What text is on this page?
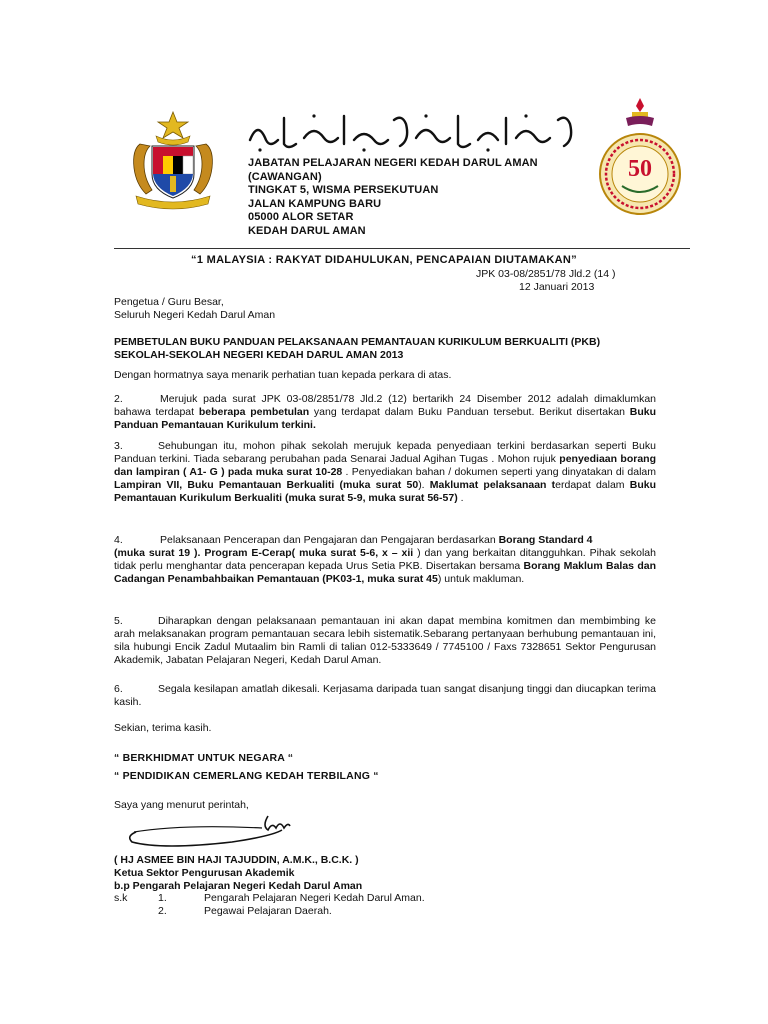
JABATAN PELAJARAN NEGERI KEDAH DARUL AMAN
(CAWANGAN)
TINGKAT 5, WISMA PERSEKUTUAN
JALAN KAMPUNG BARU
05000 ALOR SETAR
KEDAH DARUL AMAN
50
“1 MALAYSIA : RAKYAT DIDAHULUKAN, PENCAPAIAN DIUTAMAKAN”
JPK 03-08/2851/78 Jld.2 (14 )
12 Januari 2013
Pengetua / Guru Besar,
Seluruh Negeri Kedah Darul Aman
PEMBETULAN BUKU PANDUAN PELAKSANAAN PEMANTAUAN KURIKULUM BERKUALITI (PKB)
SEKOLAH-SEKOLAH NEGERI KEDAH DARUL AMAN 2013
Dengan hormatnya saya menarik perhatian tuan kepada perkara di atas.
2.	Merujuk pada surat JPK 03-08/2851/78 Jld.2 (12) bertarikh 24 Disember 2012 adalah dimaklumkan bahawa terdapat beberapa pembetulan yang terdapat dalam Buku Panduan tersebut. Berikut disertakan Buku Panduan Pemantauan Kurikulum terkini.
3.	Sehubungan itu, mohon pihak sekolah merujuk kepada penyediaan terkini berdasarkan seperti Buku Panduan terkini. Tiada sebarang perubahan pada Senarai Jadual Agihan Tugas . Mohon rujuk penyediaan borang dan lampiran ( A1- G ) pada muka surat 10-28 . Penyediakan bahan / dokumen seperti yang dinyatakan di dalam Lampiran VII, Buku Pemantauan Berkualiti (muka surat 50). Maklumat pelaksanaan terdapat dalam Buku Pemantauan Kurikulum Berkualiti (muka surat 5-9, muka surat 56-57) .
4.	Pelaksanaan Pencerapan dan Pengajaran dan Pengajaran berdasarkan Borang Standard 4
(muka surat 19 ). Program E-Cerap( muka surat 5-6, x – xii ) dan yang berkaitan ditangguhkan. Pihak sekolah tidak perlu menghantar data pencerapan kepada Urus Setia PKB. Disertakan bersama Borang Maklum Balas dan Cadangan Penambahbaikan Pemantauan (PK03-1, muka surat 45) untuk makluman.
5.	Diharapkan dengan pelaksanaan pemantauan ini akan dapat membina komitmen dan membimbing ke arah melaksanakan program pemantauan secara lebih sistematik.Sebarang pertanyaan berhubung pemantauan ini, sila hubungi Encik Zadul Mutaalim bin Ramli di talian 012-5333649 / 7745100 / Faxs 7328651 Sektor Pengurusan Akademik, Jabatan Pelajaran Negeri, Kedah Darul Aman.
6.	Segala kesilapan amatlah dikesali. Kerjasama daripada tuan sangat disanjung tinggi dan diucapkan terima kasih.
Sekian, terima kasih.
“ BERKHIDMAT UNTUK NEGARA “
“ PENDIDIKAN CEMERLANG KEDAH TERBILANG “
Saya yang menurut perintah,
( HJ ASMEE BIN HAJI TAJUDDIN, A.M.K., B.C.K. )
Ketua Sektor Pengurusan Akademik
b.p Pengarah Pelajaran Negeri Kedah Darul Aman
s.k	1.	Pengarah Pelajaran Negeri Kedah Darul Aman.
2.	Pegawai Pelajaran Daerah.
